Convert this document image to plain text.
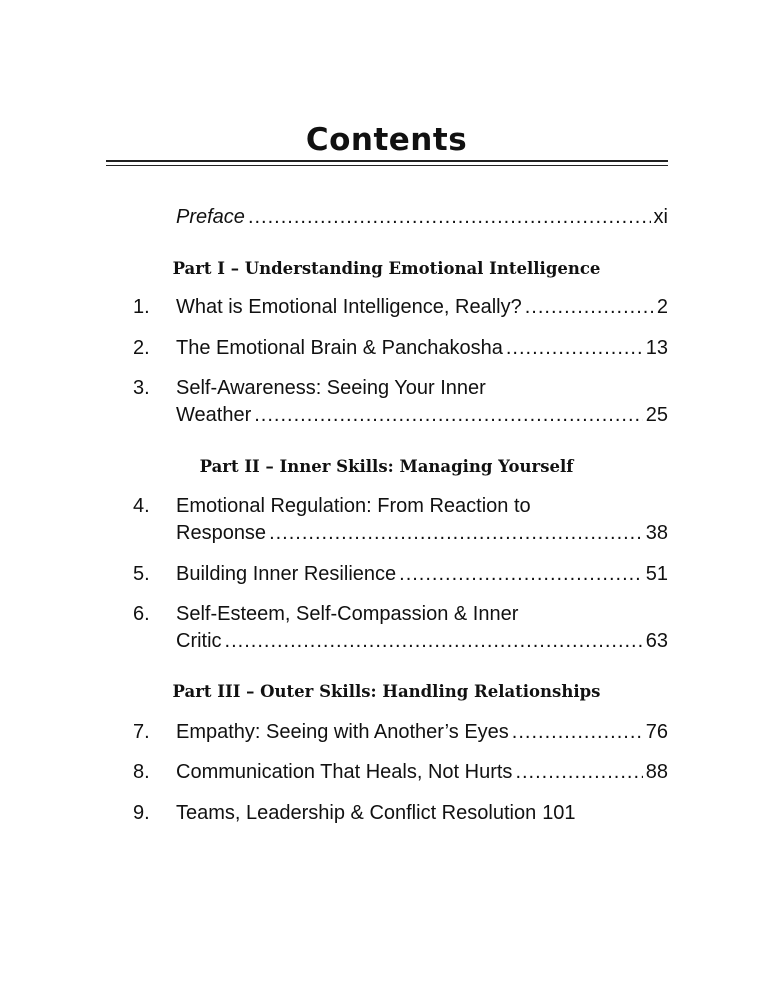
Contents
Preface .....	xi
Part I – Understanding Emotional Intelligence
1.	What is Emotional Intelligence, Really? .....	2
2.	The Emotional Brain & Panchakosha .....	13
3.	Self-Awareness: Seeing Your Inner
Weather .....	25
Part II – Inner Skills: Managing Yourself
4.	Emotional Regulation: From Reaction to
Response .....	38
5.	Building Inner Resilience .....	51
6.	Self-Esteem, Self-Compassion & Inner
Critic .....	63
Part III – Outer Skills: Handling Relationships
7.	Empathy: Seeing with Another’s Eyes .....	76
8.	Communication That Heals, Not Hurts .....	88
9.	Teams, Leadership & Conflict Resolution 101
